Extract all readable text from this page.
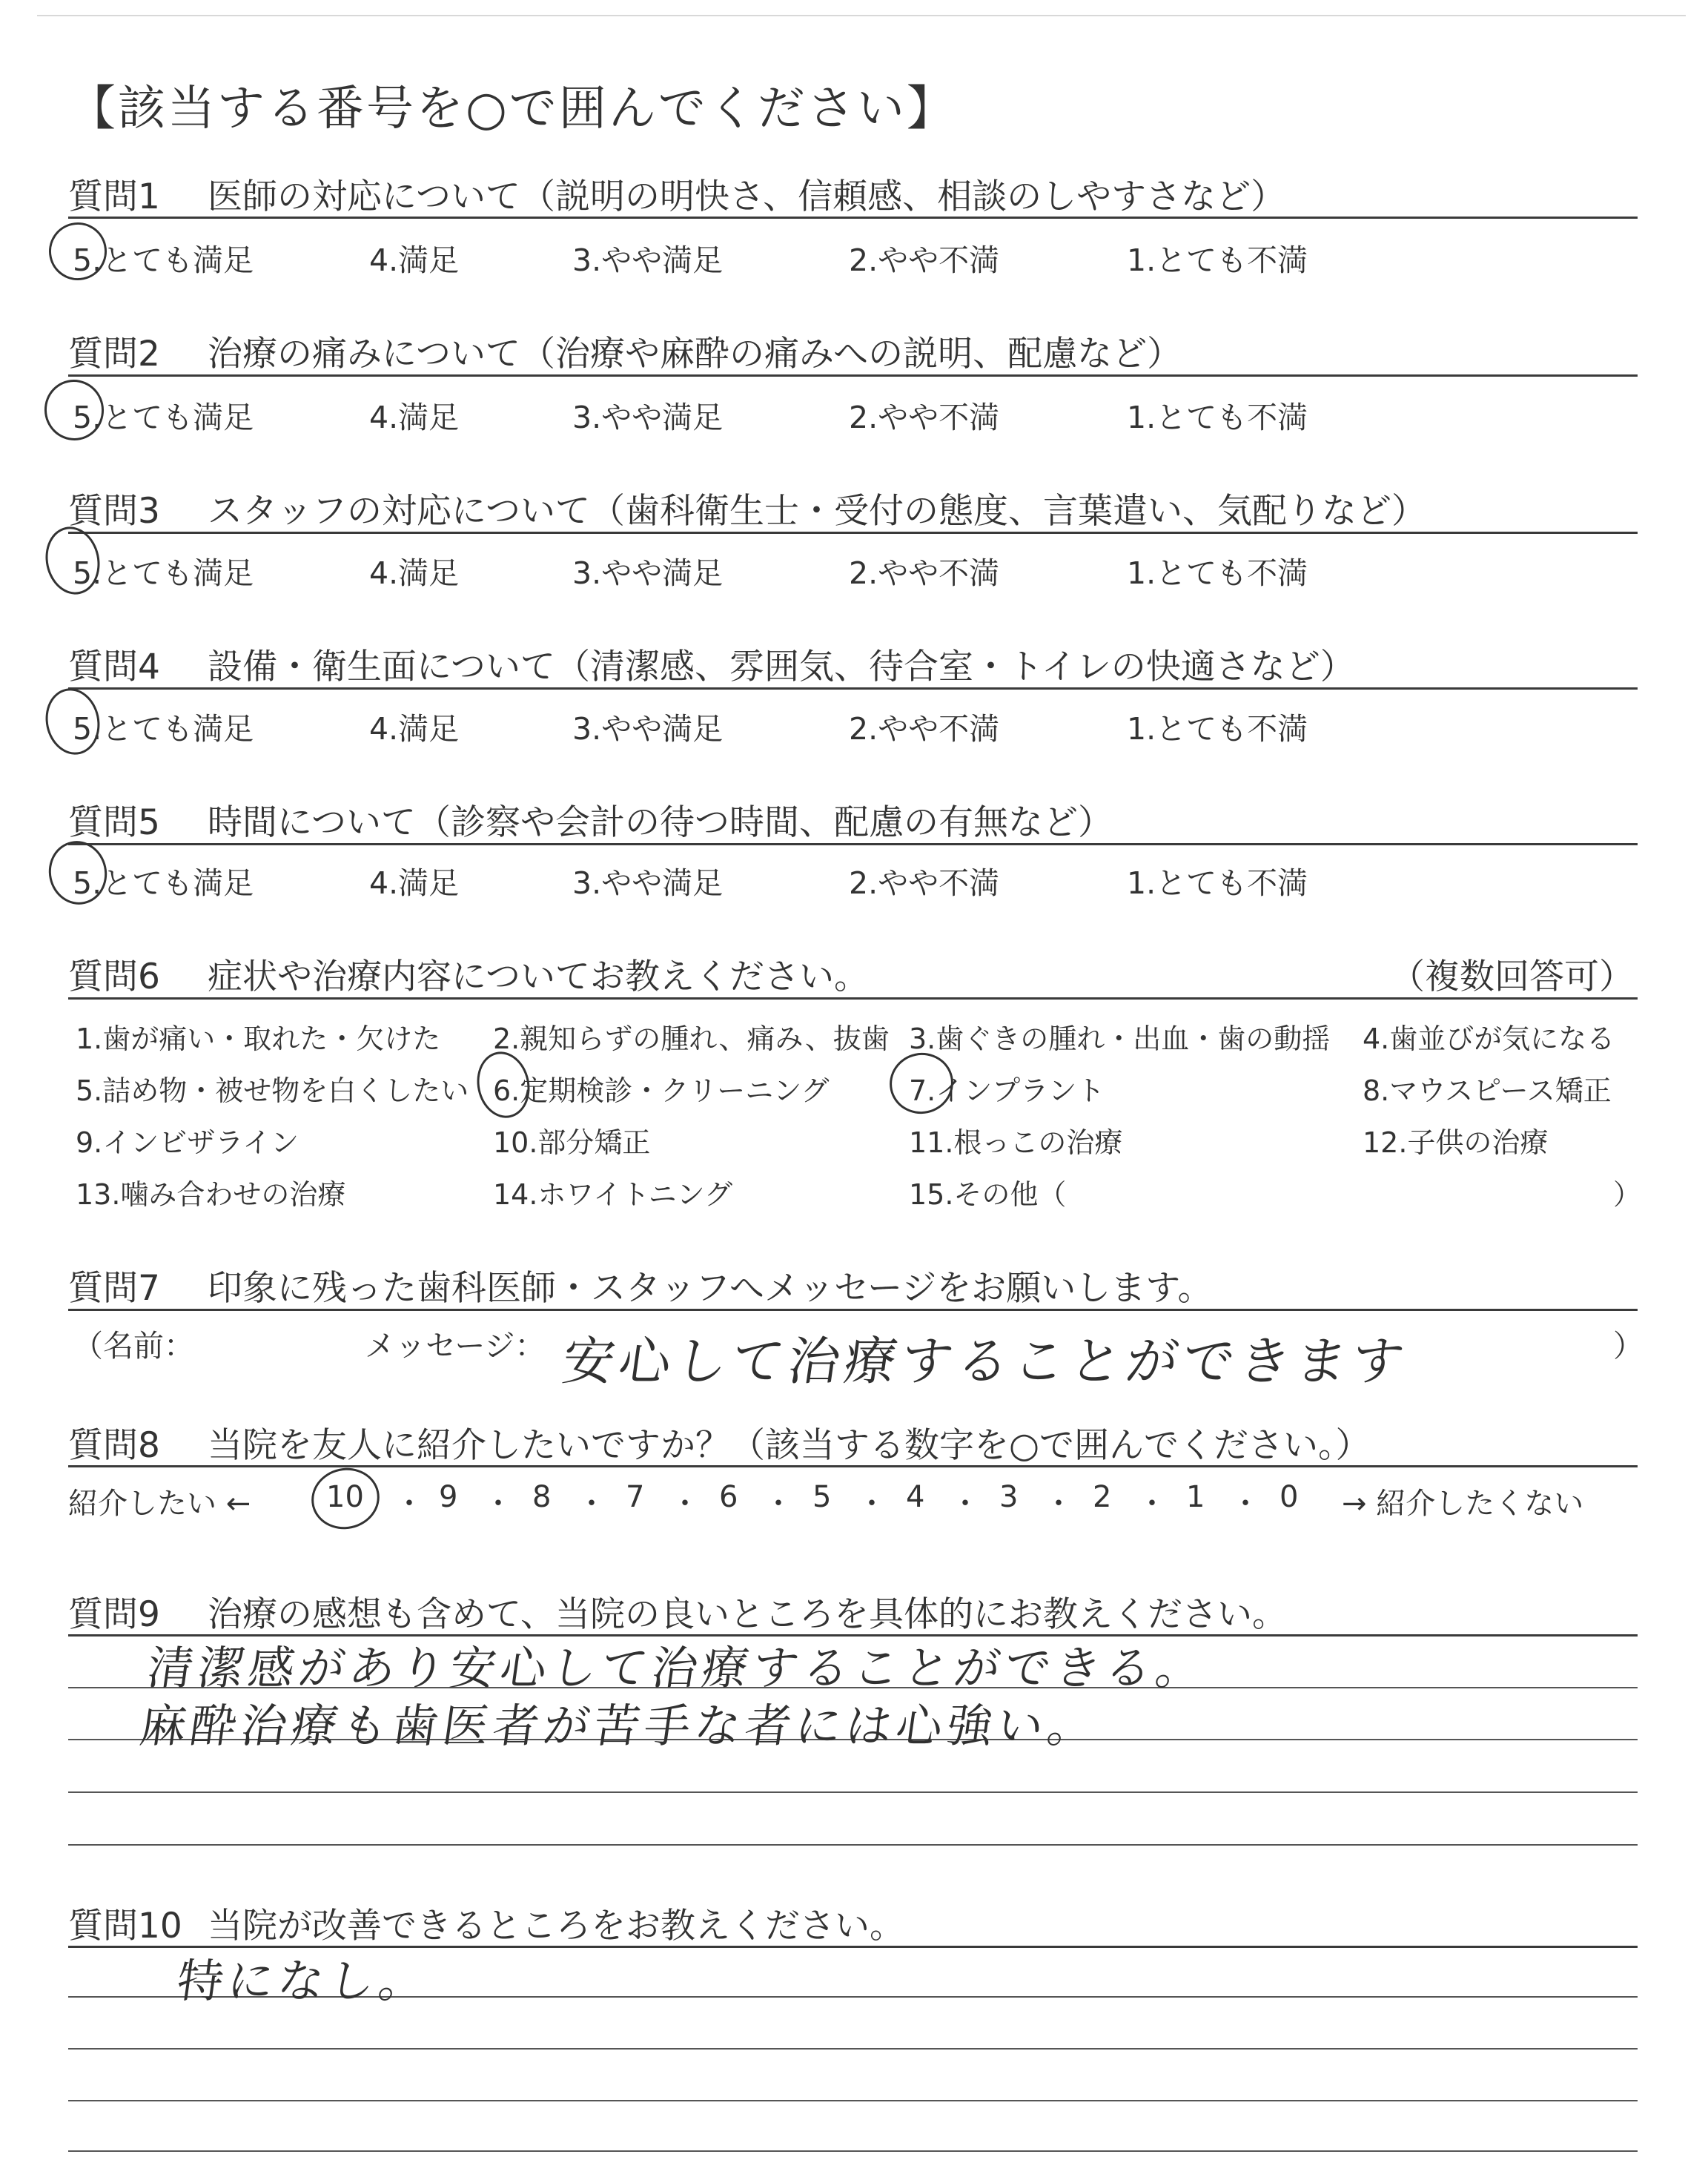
【該当する番号を○で囲んでください】
質問1 医師の対応について（説明の明快さ、信頼感、相談のしやすさなど）
5.とても満足	4.満足	3.やや満足	2.やや不満	1.とても不満
質問2 治療の痛みについて（治療や麻酔の痛みへの説明、配慮など）
5.とても満足	4.満足	3.やや満足	2.やや不満	1.とても不満
質問3 スタッフの対応について（歯科衛生士・受付の態度、言葉遣い、気配りなど）
5.とても満足	4.満足	3.やや満足	2.やや不満	1.とても不満
質問4 設備・衛生面について（清潔感、雰囲気、待合室・トイレの快適さなど）
5.とても満足	4.満足	3.やや満足	2.やや不満	1.とても不満
質問5 時間について（診察や会計の待つ時間、配慮の有無など）
5.とても満足	4.満足	3.やや満足	2.やや不満	1.とても不満
質問6 症状や治療内容についてお教えください。	（複数回答可）
1.歯が痛い・取れた・欠けた 2.親知らずの腫れ、痛み、抜歯 3.歯ぐきの腫れ・出血・歯の動揺 4.歯並びが気になる
5.詰め物・被せ物を白くしたい 6.定期検診・クリーニング	7.インプラント	8.マウスピース矯正
9.インビザライン	10.部分矯正	11.根っこの治療	12.子供の治療
13.噛み合わせの治療	14.ホワイトニング	15.その他（	）
質問7 印象に残った歯科医師・スタッフへメッセージをお願いします。
（名前：	メッセージ：	）
安心して治療することができます
質問8 当院を友人に紹介したいですか？（該当する数字を○で囲んでください。）
紹介したい ←	10 ・ 9 ・ 8 ・ 7 ・ 6 ・ 5 ・ 4 ・ 3 ・ 2 ・ 1 ・ 0 → 紹介したくない
質問9 治療の感想も含めて、当院の良いところを具体的にお教えください。
清潔感があり安心して治療することができる。
麻酔治療も歯医者が苦手な者には心強い。
質問10 当院が改善できるところをお教えください。
特になし。
